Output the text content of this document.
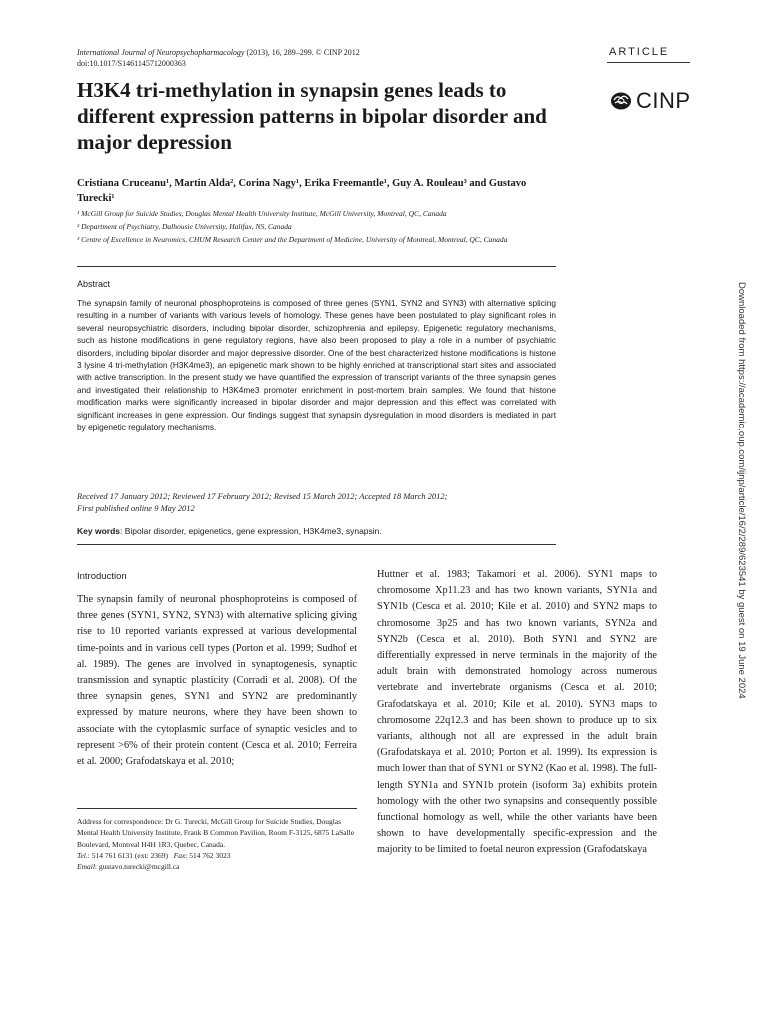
International Journal of Neuropsychopharmacology (2013), 16, 289–299. © CINP 2012
doi:10.1017/S1461145712000363
ARTICLE
CINP
H3K4 tri-methylation in synapsin genes leads to different expression patterns in bipolar disorder and major depression
Cristiana Cruceanu¹, Martin Alda², Corina Nagy¹, Erika Freemantle¹, Guy A. Rouleau³ and Gustavo Turecki¹
¹ McGill Group for Suicide Studies, Douglas Mental Health University Institute, McGill University, Montreal, QC, Canada
² Department of Psychiatry, Dalhousie University, Halifax, NS, Canada
³ Centre of Excellence in Neuromics, CHUM Research Center and the Department of Medicine, University of Montreal, Montreal, QC, Canada
Abstract
The synapsin family of neuronal phosphoproteins is composed of three genes (SYN1, SYN2 and SYN3) with alternative splicing resulting in a number of variants with various levels of homology. These genes have been postulated to play significant roles in several neuropsychiatric disorders, including bipolar disorder, schizophrenia and epilepsy. Epigenetic regulatory mechanisms, such as histone modifications in gene regulatory regions, have also been proposed to play a role in a number of psychiatric disorders, including bipolar disorder and major depressive disorder. One of the best characterized histone modifications is histone 3 lysine 4 tri-methylation (H3K4me3), an epigenetic mark shown to be highly enriched at transcriptional start sites and associated with active transcription. In the present study we have quantified the expression of transcript variants of the three synapsin genes and investigated their relationship to H3K4me3 promoter enrichment in post-mortem brain samples. We found that histone modification marks were significantly increased in bipolar disorder and major depression and this effect was correlated with significant increases in gene expression. Our findings suggest that synapsin dysregulation in mood disorders is mediated in part by epigenetic regulatory mechanisms.
Received 17 January 2012; Reviewed 17 February 2012; Revised 15 March 2012; Accepted 18 March 2012;
First published online 9 May 2012
Key words: Bipolar disorder, epigenetics, gene expression, H3K4me3, synapsin.
Introduction

The synapsin family of neuronal phosphoproteins is composed of three genes (SYN1, SYN2, SYN3) with alternative splicing giving rise to 10 reported variants expressed at various developmental time-points and in various cell types (Porton et al. 1999; Sudhof et al. 1989). The genes are involved in synaptogenesis, synaptic transmission and synaptic plasticity (Corradi et al. 2008). Of the three synapsin genes, SYN1 and SYN2 are predominantly expressed by mature neurons, where they have been shown to associate with the cytoplasmic surface of synaptic vesicles and to represent >6% of their protein content (Cesca et al. 2010; Ferreira et al. 2000; Grafodatskaya et al. 2010;

Huttner et al. 1983; Takamori et al. 2006). SYN1 maps to chromosome Xp11.23 and has two known variants, SYN1a and SYN1b (Cesca et al. 2010; Kile et al. 2010) and SYN2 maps to chromosome 3p25 and has two known variants, SYN2a and SYN2b (Cesca et al. 2010). Both SYN1 and SYN2 are differentially expressed in nerve terminals in the majority of the adult brain with demonstrated homology across numerous vertebrate and invertebrate organisms (Cesca et al. 2010; Grafodatskaya et al. 2010; Kile et al. 2010). SYN3 maps to chromosome 22q12.3 and has been shown to produce up to six variants, although not all are expressed in the adult brain (Grafodatskaya et al. 2010; Porton et al. 1999). Its expression is much lower than that of SYN1 or SYN2 (Kao et al. 1998). The full-length SYN1a and SYN1b protein (isoform 3a) exhibits protein homology with the other two synapsins and consequently possible functional homology as well, while the other variants have been shown to have developmentally specific-expression and the majority to be limited to foetal neuron expression (Grafodatskaya

Address for correspondence: Dr G. Turecki, McGill Group for Suicide Studies, Douglas Mental Health University Institute, Frank B Common Pavilion, Room F-3125, 6875 LaSalle Boulevard, Montreal H4H 1R3, Quebec, Canada.
Tel.: 514 761 6131 (ext: 2369) Fax: 514 762 3023
Email: gustavo.turecki@mcgill.ca
Downloaded from https://academic.oup.com/ijnp/article/16/2/289/623541 by guest on 19 June 2024
